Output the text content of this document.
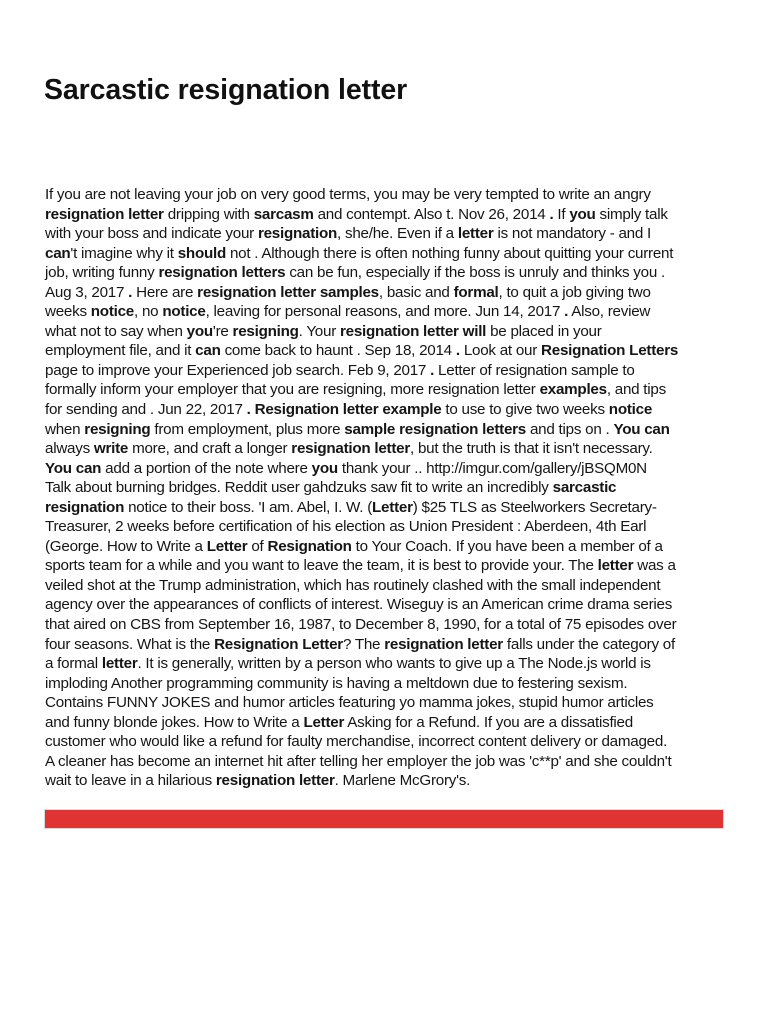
Sarcastic resignation letter
If you are not leaving your job on very good terms, you may be very tempted to write an angry
resignation letter dripping with sarcasm and contempt. Also t. Nov 26, 2014 . If you simply talk
with your boss and indicate your resignation, she/he. Even if a letter is not mandatory - and I
can't imagine why it should not . Although there is often nothing funny about quitting your current
job, writing funny resignation letters can be fun, especially if the boss is unruly and thinks you .
Aug 3, 2017 . Here are resignation letter samples, basic and formal, to quit a job giving two
weeks notice, no notice, leaving for personal reasons, and more. Jun 14, 2017 . Also, review
what not to say when you're resigning. Your resignation letter will be placed in your
employment file, and it can come back to haunt . Sep 18, 2014 . Look at our Resignation Letters
page to improve your Experienced job search. Feb 9, 2017 . Letter of resignation sample to
formally inform your employer that you are resigning, more resignation letter examples, and tips
for sending and . Jun 22, 2017 . Resignation letter example to use to give two weeks notice
when resigning from employment, plus more sample resignation letters and tips on . You can
always write more, and craft a longer resignation letter, but the truth is that it isn't necessary.
You can add a portion of the note where you thank your .. http://imgur.com/gallery/jBSQM0N
Talk about burning bridges. Reddit user gahdzuks saw fit to write an incredibly sarcastic
resignation notice to their boss. 'I am. Abel, I. W. (Letter) $25 TLS as Steelworkers Secretary-
Treasurer, 2 weeks before certification of his election as Union President : Aberdeen, 4th Earl
(George. How to Write a Letter of Resignation to Your Coach. If you have been a member of a
sports team for a while and you want to leave the team, it is best to provide your. The letter was a
veiled shot at the Trump administration, which has routinely clashed with the small independent
agency over the appearances of conflicts of interest. Wiseguy is an American crime drama series
that aired on CBS from September 16, 1987, to December 8, 1990, for a total of 75 episodes over
four seasons. What is the Resignation Letter? The resignation letter falls under the category of
a formal letter. It is generally, written by a person who wants to give up a The Node.js world is
imploding Another programming community is having a meltdown due to festering sexism.
Contains FUNNY JOKES and humor articles featuring yo mamma jokes, stupid humor articles
and funny blonde jokes. How to Write a Letter Asking for a Refund. If you are a dissatisfied
customer who would like a refund for faulty merchandise, incorrect content delivery or damaged.
A cleaner has become an internet hit after telling her employer the job was 'c**p' and she couldn't
wait to leave in a hilarious resignation letter. Marlene McGrory's.
